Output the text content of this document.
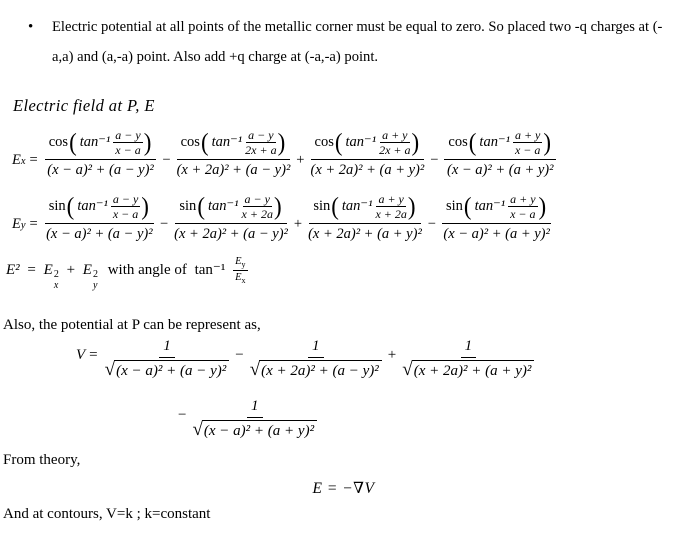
• Electric potential at all points of the metallic corner must be equal to zero. So placed two -q charges at (-a,a) and (a,-a) point. Also add +q charge at (-a,-a) point.
Electric field at P, E
E x =
cos ( $\tan^{-1} \frac{a - y}{x - a}$ )
(x − a)² + (a − y)²
−
cos ( $\tan^{-1} \frac{a - y}{2x + a}$ )
(x + 2a)² + (a − y)²
+
cos ( $\tan^{-1} \frac{a + y}{2x + a}$ )
(x + 2a)² + (a + y)²
−
cos ( $\tan^{-1} \frac{a + y}{x - a}$ )
(x − a)² + (a + y)²
E y =
sin ( $\tan^{-1} \frac{a - y}{x - a}$ )
(x − a)² + (a − y)²
−
sin ( $\tan^{-1} \frac{a - y}{x + 2a}$ )
(x + 2a)² + (a − y)²
+
sin ( $\tan^{-1} \frac{a + y}{x + 2a}$ )
(x + 2a)² + (a + y)²
−
sin ( $\tan^{-1} \frac{a + y}{x - a}$ )
(x − a)² + (a + y)²
E² = E 2
x
+ E 2
y
with angle of $\tan^{-1} \frac{E_y}{E_x}$
Also, the potential at P can be represent as,
$V = \frac{1}{\text{√ (x − a)² + (a − y)²}} - \frac{1}{\text{√ (x + 2a)² + (a − y)²}} + \frac{1}{\text{√ (x + 2a)² + (a + y)²}}$
− $\frac{1}{\text{√ (x − a)² + (a + y)²}}$
From theory,
E = −∇V
And at contours, V=k ; k=constant
